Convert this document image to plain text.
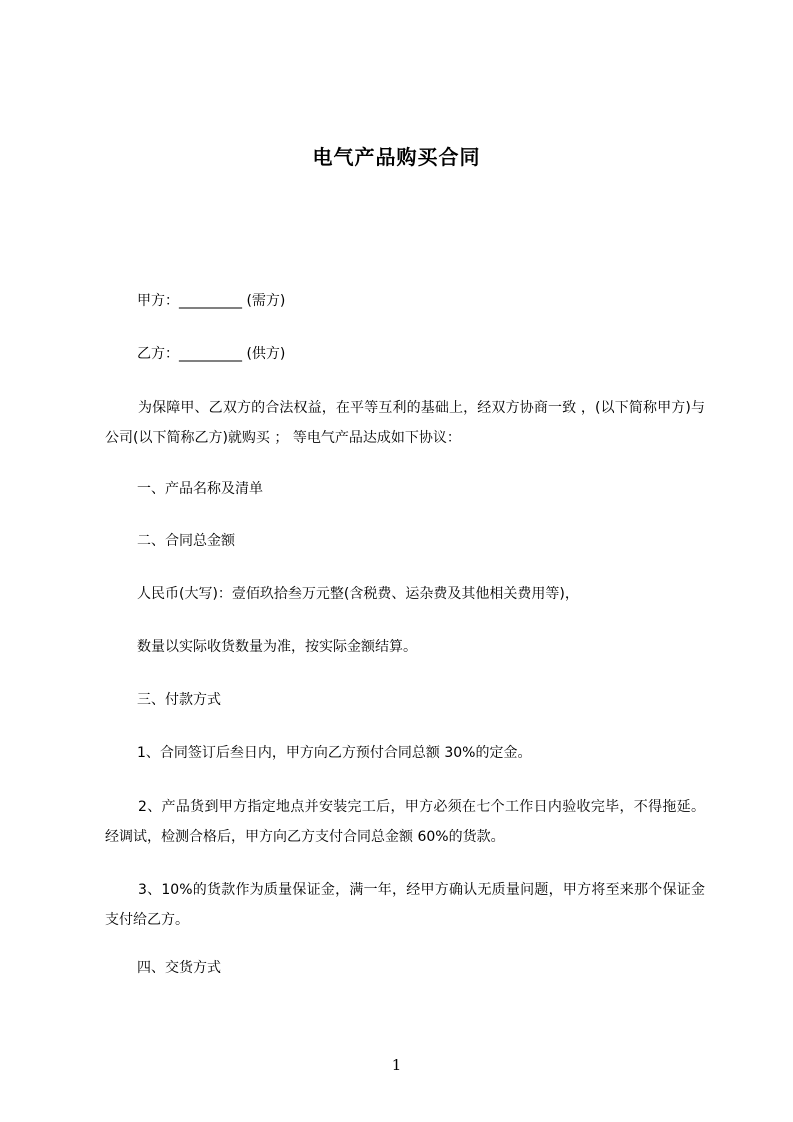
电气产品购买合同
甲方：_________ (需方)
乙方：_________ (供方)
为保障甲、乙双方的合法权益，在平等互利的基础上，经双方协商一致 ，(以下简称甲方)与 公司(以下简称乙方)就购买 ； 等电气产品达成如下协议：
一、产品名称及清单
二、合同总金额
人民币(大写)：壹佰玖拾叁万元整(含税费、运杂费及其他相关费用等)，
数量以实际收货数量为准，按实际金额结算。
三、付款方式
1、合同签订后叁日内，甲方向乙方预付合同总额 30%的定金。
2、产品货到甲方指定地点并安装完工后，甲方必须在七个工作日内验收完毕，不得拖延。经调试，检测合格后，甲方向乙方支付合同总金额 60%的货款。
3、10%的货款作为质量保证金，满一年，经甲方确认无质量问题，甲方将至来那个保证金支付给乙方。
四、交货方式
1
